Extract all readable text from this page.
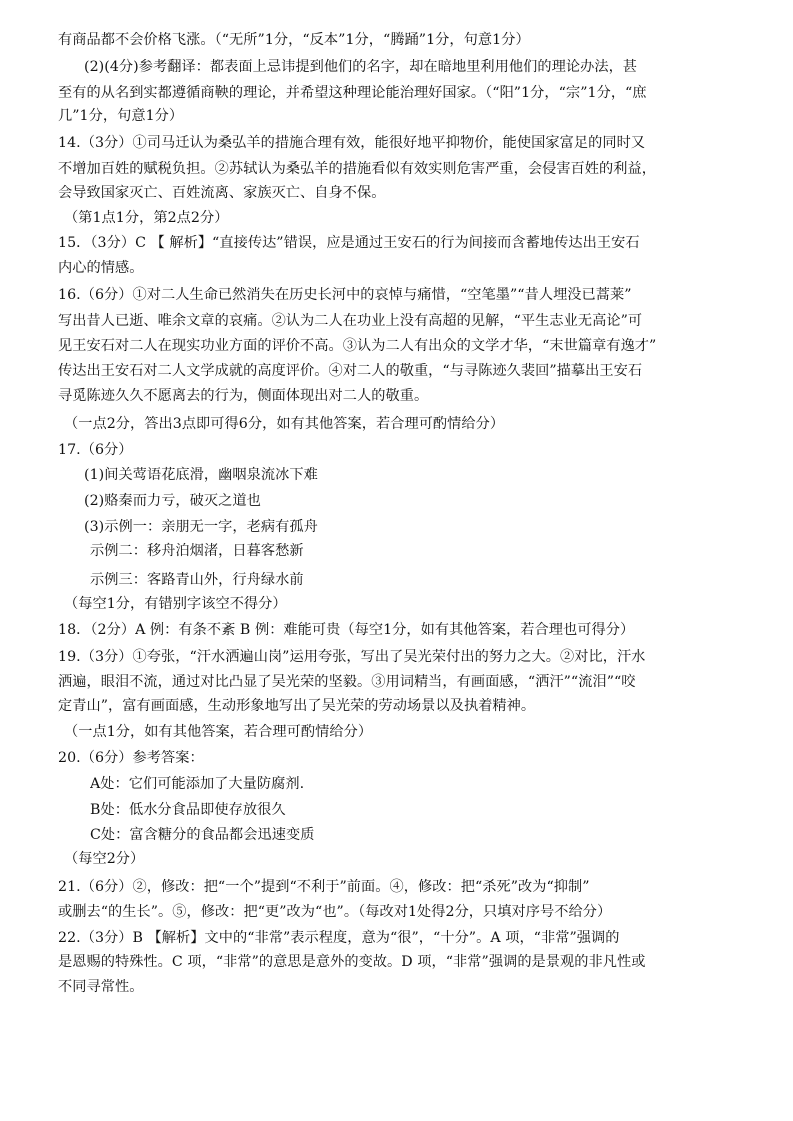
有商品都不会价格飞涨。（“无所”1分，“反本”1分，“腾踊”1分，句意1分）
(2)(4分)参考翻译：都表面上忌讳提到他们的名字，却在暗地里利用他们的理论办法，甚
至有的从名到实都遵循商鞅的理论，并希望这种理论能治理好国家。（“阳”1分，“宗”1分，“庶
几”1分，句意1分）
14.（3分）①司马迁认为桑弘羊的措施合理有效，能很好地平抑物价，能使国家富足的同时又
不增加百姓的赋税负担。②苏轼认为桑弘羊的措施看似有效实则危害严重，会侵害百姓的利益，
会导致国家灭亡、百姓流离、家族灭亡、自身不保。
（第1点1分，第2点2分）
15．（3分）C 【 解析】“直接传达”错误，应是通过王安石的行为间接而含蓄地传达出王安石
内心的情感。
16.（6分）①对二人生命已然消失在历史长河中的哀悼与痛惜，“空笔墨”“昔人埋没已蒿莱”
写出昔人已逝、唯余文章的哀痛。②认为二人在功业上没有高超的见解，“平生志业无高论”可
见王安石对二人在现实功业方面的评价不高。③认为二人有出众的文学才华，“末世篇章有逸才”
传达出王安石对二人文学成就的高度评价。④对二人的敬重，“与寻陈迹久裴回”描摹出王安石
寻觅陈迹久久不愿离去的行为，侧面体现出对二人的敬重。
（一点2分，答出3点即可得6分，如有其他答案，若合理可酌情给分）
17.（6分）
(1)间关莺语花底滑，幽咽泉流冰下难
(2)赂秦而力亏，破灭之道也
(3)示例一：亲朋无一字，老病有孤舟
示例二：移舟泊烟渚，日暮客愁新
示例三：客路青山外，行舟绿水前
（每空1分，有错别字该空不得分）
18．（2分）A 例：有条不紊 B 例：难能可贵（每空1分，如有其他答案，若合理也可得分）
19.（3分）①夸张，“汗水洒遍山岗”运用夸张，写出了吴光荣付出的努力之大。②对比，汗水
洒遍，眼泪不流，通过对比凸显了吴光荣的坚毅。③用词精当，有画面感，“洒汗”“流泪”“咬
定青山”，富有画面感，生动形象地写出了吴光荣的劳动场景以及执着精神。
（一点1分，如有其他答案，若合理可酌情给分）
20.（6分）参考答案：
A处：它们可能添加了大量防腐剂.
B处：低水分食品即使存放很久
C处：富含糖分的食品都会迅速变质
（每空2分）
21.（6分）②，修改：把“一个”提到“不利于”前面。④，修改：把“杀死”改为“抑制”
或删去“的生长”。⑤，修改：把“更”改为“也”。（每改对1处得2分，只填对序号不给分）
22.（3分）B 【解析】文中的“非常”表示程度，意为“很”，“十分”。A 项，“非常”强调的
是恩赐的特殊性。C 项，“非常”的意思是意外的变故。D 项，“非常”强调的是景观的非凡性或
不同寻常性。
